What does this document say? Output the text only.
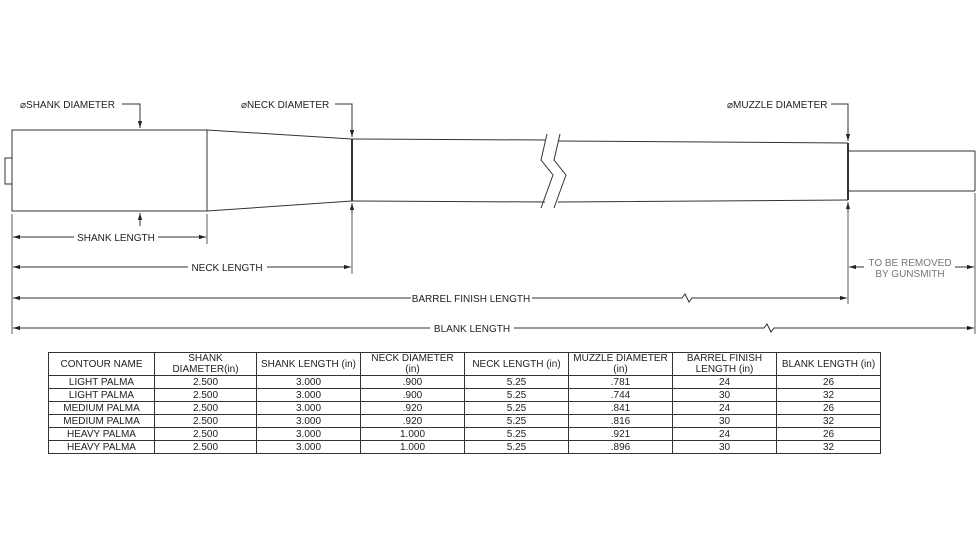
⌀SHANK DIAMETER	⌀NECK DIAMETER	⌀MUZZLE DIAMETER
SHANK LENGTH
NECK LENGTH	TO BE REMOVED
BY GUNSMITH
BARREL FINISH LENGTH
BLANK LENGTH
CONTOUR NAME	SHANK DIAMETER(in)	SHANK LENGTH (in)	NECK DIAMETER (in)	NECK LENGTH (in)	MUZZLE DIAMETER (in)	BARREL FINISH LENGTH (in)	BLANK LENGTH (in)
LIGHT PALMA	2.500	3.000	.900	5.25	.781	24	26
LIGHT PALMA	2.500	3.000	.900	5.25	.744	30	32
MEDIUM PALMA	2.500	3.000	.920	5.25	.841	24	26
MEDIUM PALMA	2.500	3.000	.920	5.25	.816	30	32
HEAVY PALMA	2.500	3.000	1.000	5.25	.921	24	26
HEAVY PALMA	2.500	3.000	1.000	5.25	.896	30	32
